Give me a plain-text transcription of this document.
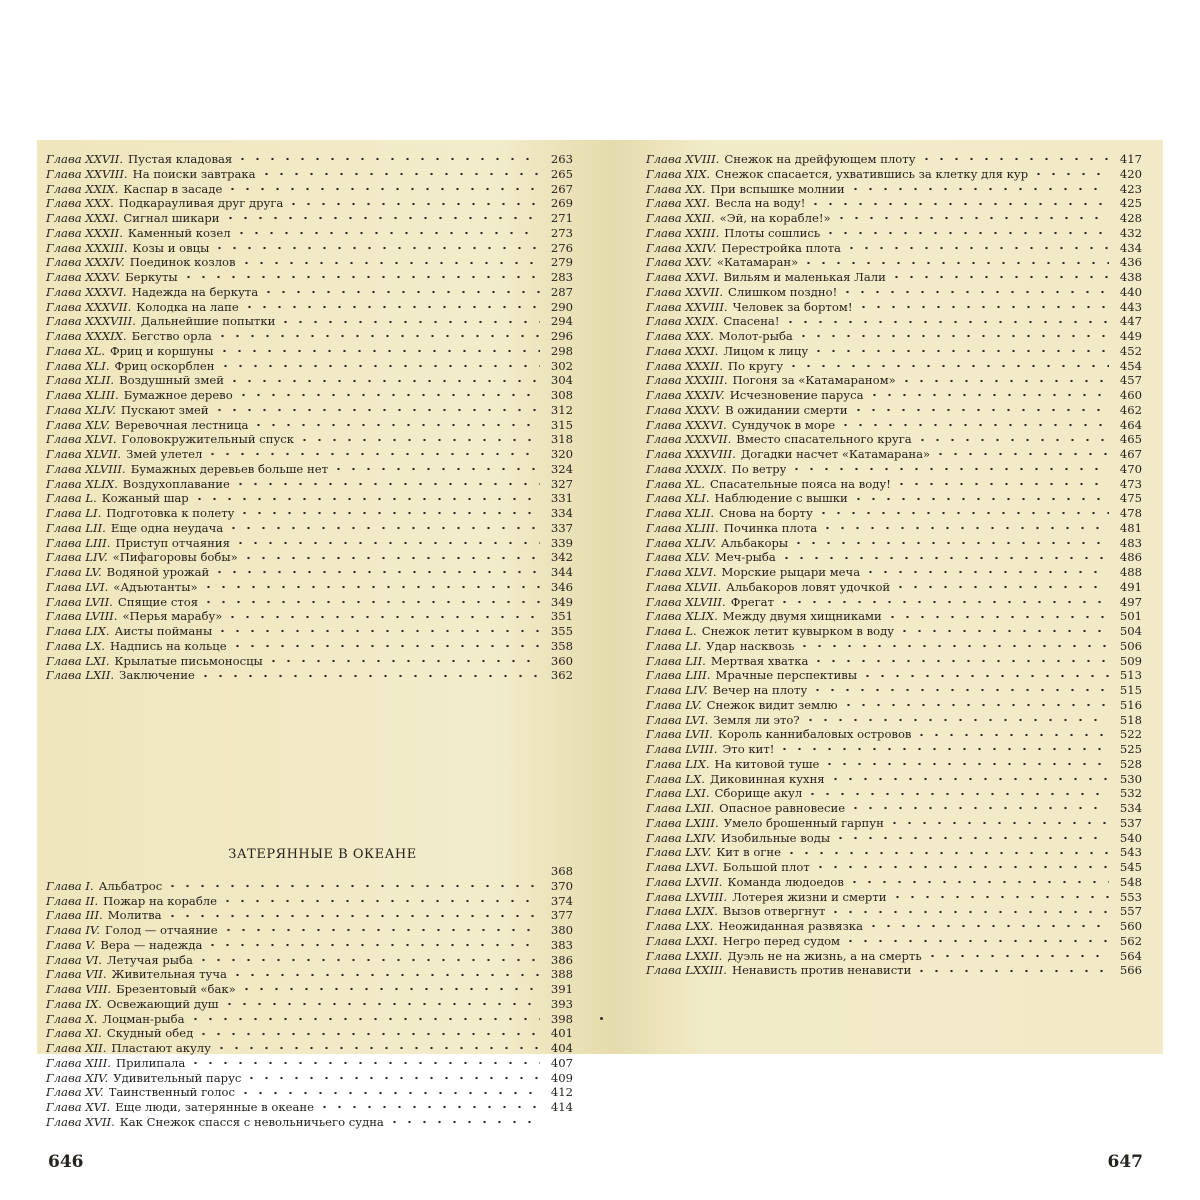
Глава XXVII. Пустая кладовая	263
Глава XXVIII. На поиски завтрака	265
Глава XXIX. Каспар в засаде	267
Глава XXX. Подкарауливая друг друга	269
Глава XXXI. Сигнал шикари	271
Глава XXXII. Каменный козел	273
Глава XXXIII. Козы и овцы	276
Глава XXXIV. Поединок козлов	279
Глава XXXV. Беркуты	283
Глава XXXVI. Надежда на беркута	287
Глава XXXVII. Колодка на лапе	290
Глава XXXVIII. Дальнейшие попытки	294
Глава XXXIX. Бегство орла	296
Глава XL. Фриц и коршуны	298
Глава XLI. Фриц оскорблен	302
Глава XLII. Воздушный змей	304
Глава XLIII. Бумажное дерево	308
Глава XLIV. Пускают змей	312
Глава XLV. Веревочная лестница	315
Глава XLVI. Головокружительный спуск	318
Глава XLVII. Змей улетел	320
Глава XLVIII. Бумажных деревьев больше нет	324
Глава XLIX. Воздухоплавание	327
Глава L. Кожаный шар	331
Глава LI. Подготовка к полету	334
Глава LII. Еще одна неудача	337
Глава LIII. Приступ отчаяния	339
Глава LIV. «Пифагоровы бобы»	342
Глава LV. Водяной урожай	344
Глава LVI. «Адъютанты»	346
Глава LVII. Спящие стоя	349
Глава LVIII. «Перья марабу»	351
Глава LIX. Аисты пойманы	355
Глава LX. Надпись на кольце	358
Глава LXI. Крылатые письмоносцы	360
Глава LXII. Заключение	362
ЗАТЕРЯННЫЕ В ОКЕАНЕ
368
Глава I. Альбатрос	370
Глава II. Пожар на корабле	374
Глава III. Молитва	377
Глава IV. Голод — отчаяние	380
Глава V. Вера — надежда	383
Глава VI. Летучая рыба	386
Глава VII. Живительная туча	388
Глава VIII. Брезентовый «бак»	391
Глава IX. Освежающий душ	393
Глава X. Лоцман-рыба	398
Глава XI. Скудный обед	401
Глава XII. Пластают акулу	404
Глава XIII. Прилипала	407
Глава XIV. Удивительный парус	409
Глава XV. Таинственный голос	412
Глава XVI. Еще люди, затерянные в океане	414
Глава XVII. Как Снежок спасся с невольничьего судна
646
Глава XVIII. Снежок на дрейфующем плоту	417
Глава XIX. Снежок спасается, ухватившись за клетку для кур	420
Глава XX. При вспышке молнии	423
Глава XXI. Весла на воду!	425
Глава XXII. «Эй, на корабле!»	428
Глава XXIII. Плоты сошлись	432
Глава XXIV. Перестройка плота	434
Глава XXV. «Катамаран»	436
Глава XXVI. Вильям и маленькая Лали	438
Глава XXVII. Слишком поздно!	440
Глава XXVIII. Человек за бортом!	443
Глава XXIX. Спасена!	447
Глава XXX. Молот-рыба	449
Глава XXXI. Лицом к лицу	452
Глава XXXII. По кругу	454
Глава XXXIII. Погоня за «Катамараном»	457
Глава XXXIV. Исчезновение паруса	460
Глава XXXV. В ожидании смерти	462
Глава XXXVI. Сундучок в море	464
Глава XXXVII. Вместо спасательного круга	465
Глава XXXVIII. Догадки насчет «Катамарана»	467
Глава XXXIX. По ветру	470
Глава XL. Спасательные пояса на воду!	473
Глава XLI. Наблюдение с вышки	475
Глава XLII. Снова на борту	478
Глава XLIII. Починка плота	481
Глава XLIV. Альбакоры	483
Глава XLV. Меч-рыба	486
Глава XLVI. Морские рыцари меча	488
Глава XLVII. Альбакоров ловят удочкой	491
Глава XLVIII. Фрегат	497
Глава XLIX. Между двумя хищниками	501
Глава L. Снежок летит кувырком в воду	504
Глава LI. Удар насквозь	506
Глава LII. Мертвая хватка	509
Глава LIII. Мрачные перспективы	513
Глава LIV. Вечер на плоту	515
Глава LV. Снежок видит землю	516
Глава LVI. Земля ли это?	518
Глава LVII. Король каннибаловых островов	522
Глава LVIII. Это кит!	525
Глава LIX. На китовой туше	528
Глава LX. Диковинная кухня	530
Глава LXI. Сборище акул	532
Глава LXII. Опасное равновесие	534
Глава LXIII. Умело брошенный гарпун	537
Глава LXIV. Изобильные воды	540
Глава LXV. Кит в огне	543
Глава LXVI. Большой плот	545
Глава LXVII. Команда людоедов	548
Глава LXVIII. Лотерея жизни и смерти	553
Глава LXIX. Вызов отвергнут	557
Глава LXX. Неожиданная развязка	560
Глава LXXI. Негро перед судом	562
Глава LXXII. Дуэль не на жизнь, а на смерть	564
Глава LXXIII. Ненависть против ненависти	566
647
